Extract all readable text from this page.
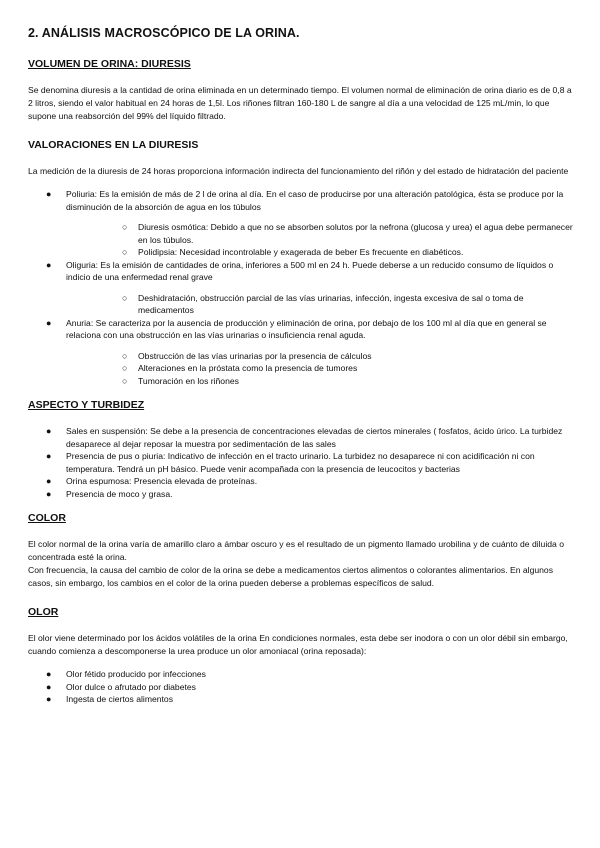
2. ANÁLISIS MACROSCÓPICO DE LA ORINA.
VOLUMEN DE ORINA: DIURESIS

Se denomina diuresis a la cantidad de orina eliminada en un determinado tiempo. El volumen normal de eliminación de orina diario es de 0,8 a 2 litros, siendo el valor habitual en 24 horas de 1,5l. Los riñones filtran 160-180 L de sangre al día a una velocidad de 125 mL/min, lo que supone una reabsorción del 99% del líquido filtrado.

VALORACIONES EN LA DIURESIS

La medición de la diuresis de 24 horas proporciona información indirecta del funcionamiento del riñón y del estado de hidratación del paciente

● Poliuria: Es la emisión de más de 2 l de orina al día. En el caso de producirse por una alteración patológica, ésta se produce por la disminución de la absorción de agua en los túbulos
○ Diuresis osmótica: Debido a que no se absorben solutos por la nefrona (glucosa y urea) el agua debe permanecer en los túbulos.
○ Polidipsia: Necesidad incontrolable y exagerada de beber Es frecuente en diabéticos.
● Oliguria: Es la emisión de cantidades de orina, inferiores a 500 ml en 24 h. Puede deberse a un reducido consumo de líquidos o indicio de una enfermedad renal grave
○ Deshidratación, obstrucción parcial de las vías urinarias, infección, ingesta excesiva de sal o toma de medicamentos
● Anuria: Se caracteriza por la ausencia de producción y eliminación de orina, por debajo de los 100 ml al día que en general se relaciona con una obstrucción en las vías urinarias o insuficiencia renal aguda.
○ Obstrucción de las vías urinarias por la presencia de cálculos
○ Alteraciones en la próstata como la presencia de tumores
○ Tumoración en los riñones
ASPECTO Y TURBIDEZ
● Sales en suspensión: Se debe a la presencia de concentraciones elevadas de ciertos minerales ( fosfatos, ácido úrico. La turbidez desaparece al dejar reposar la muestra por sedimentación de las sales
● Presencia de pus o piuria: Indicativo de infección en el tracto urinario. La turbidez no desaparece ni con acidificación ni con temperatura. Tendrá un pH básico. Puede venir acompañada con la presencia de leucocitos y bacterias
● Orina espumosa: Presencia elevada de proteínas.
● Presencia de moco y grasa.
COLOR

El color normal de la orina varía de amarillo claro a ámbar oscuro y es el resultado de un pigmento llamado urobilina y de cuánto de diluida o concentrada esté la orina.

Con frecuencia, la causa del cambio de color de la orina se debe a medicamentos ciertos alimentos o colorantes alimentarios. En algunos casos, sin embargo, los cambios en el color de la orina pueden deberse a problemas específicos de salud.

OLOR

El olor viene determinado por los ácidos volátiles de la orina En condiciones normales, esta debe ser inodora o con un olor débil sin embargo, cuando comienza a descomponerse la urea produce un olor amoniacal (orina reposada):

● Olor fétido producido por infecciones
● Olor dulce o afrutado por diabetes
● Ingesta de ciertos alimentos
